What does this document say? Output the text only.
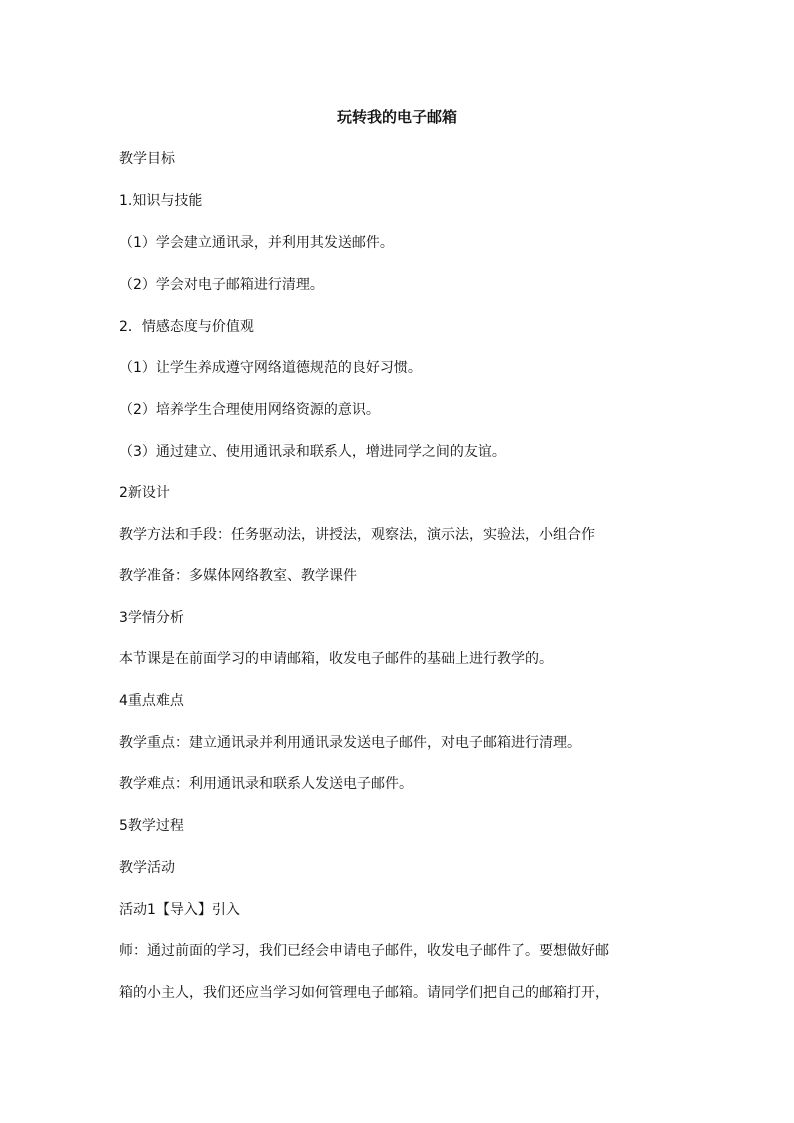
玩转我的电子邮箱
教学目标
1.知识与技能
（1）学会建立通讯录，并利用其发送邮件。
（2）学会对电子邮箱进行清理。
2．情感态度与价值观
（1）让学生养成遵守网络道德规范的良好习惯。
（2）培养学生合理使用网络资源的意识。
（3）通过建立、使用通讯录和联系人，增进同学之间的友谊。
2新设计
教学方法和手段：任务驱动法，讲授法，观察法，演示法，实验法，小组合作
教学准备：多媒体网络教室、教学课件
3学情分析
本节课是在前面学习的申请邮箱，收发电子邮件的基础上进行教学的。
4重点难点
教学重点：建立通讯录并利用通讯录发送电子邮件，对电子邮箱进行清理。
教学难点：利用通讯录和联系人发送电子邮件。
5教学过程
教学活动
活动1【导入】引入
师：通过前面的学习，我们已经会申请电子邮件，收发电子邮件了。要想做好邮
箱的小主人，我们还应当学习如何管理电子邮箱。请同学们把自己的邮箱打开，
